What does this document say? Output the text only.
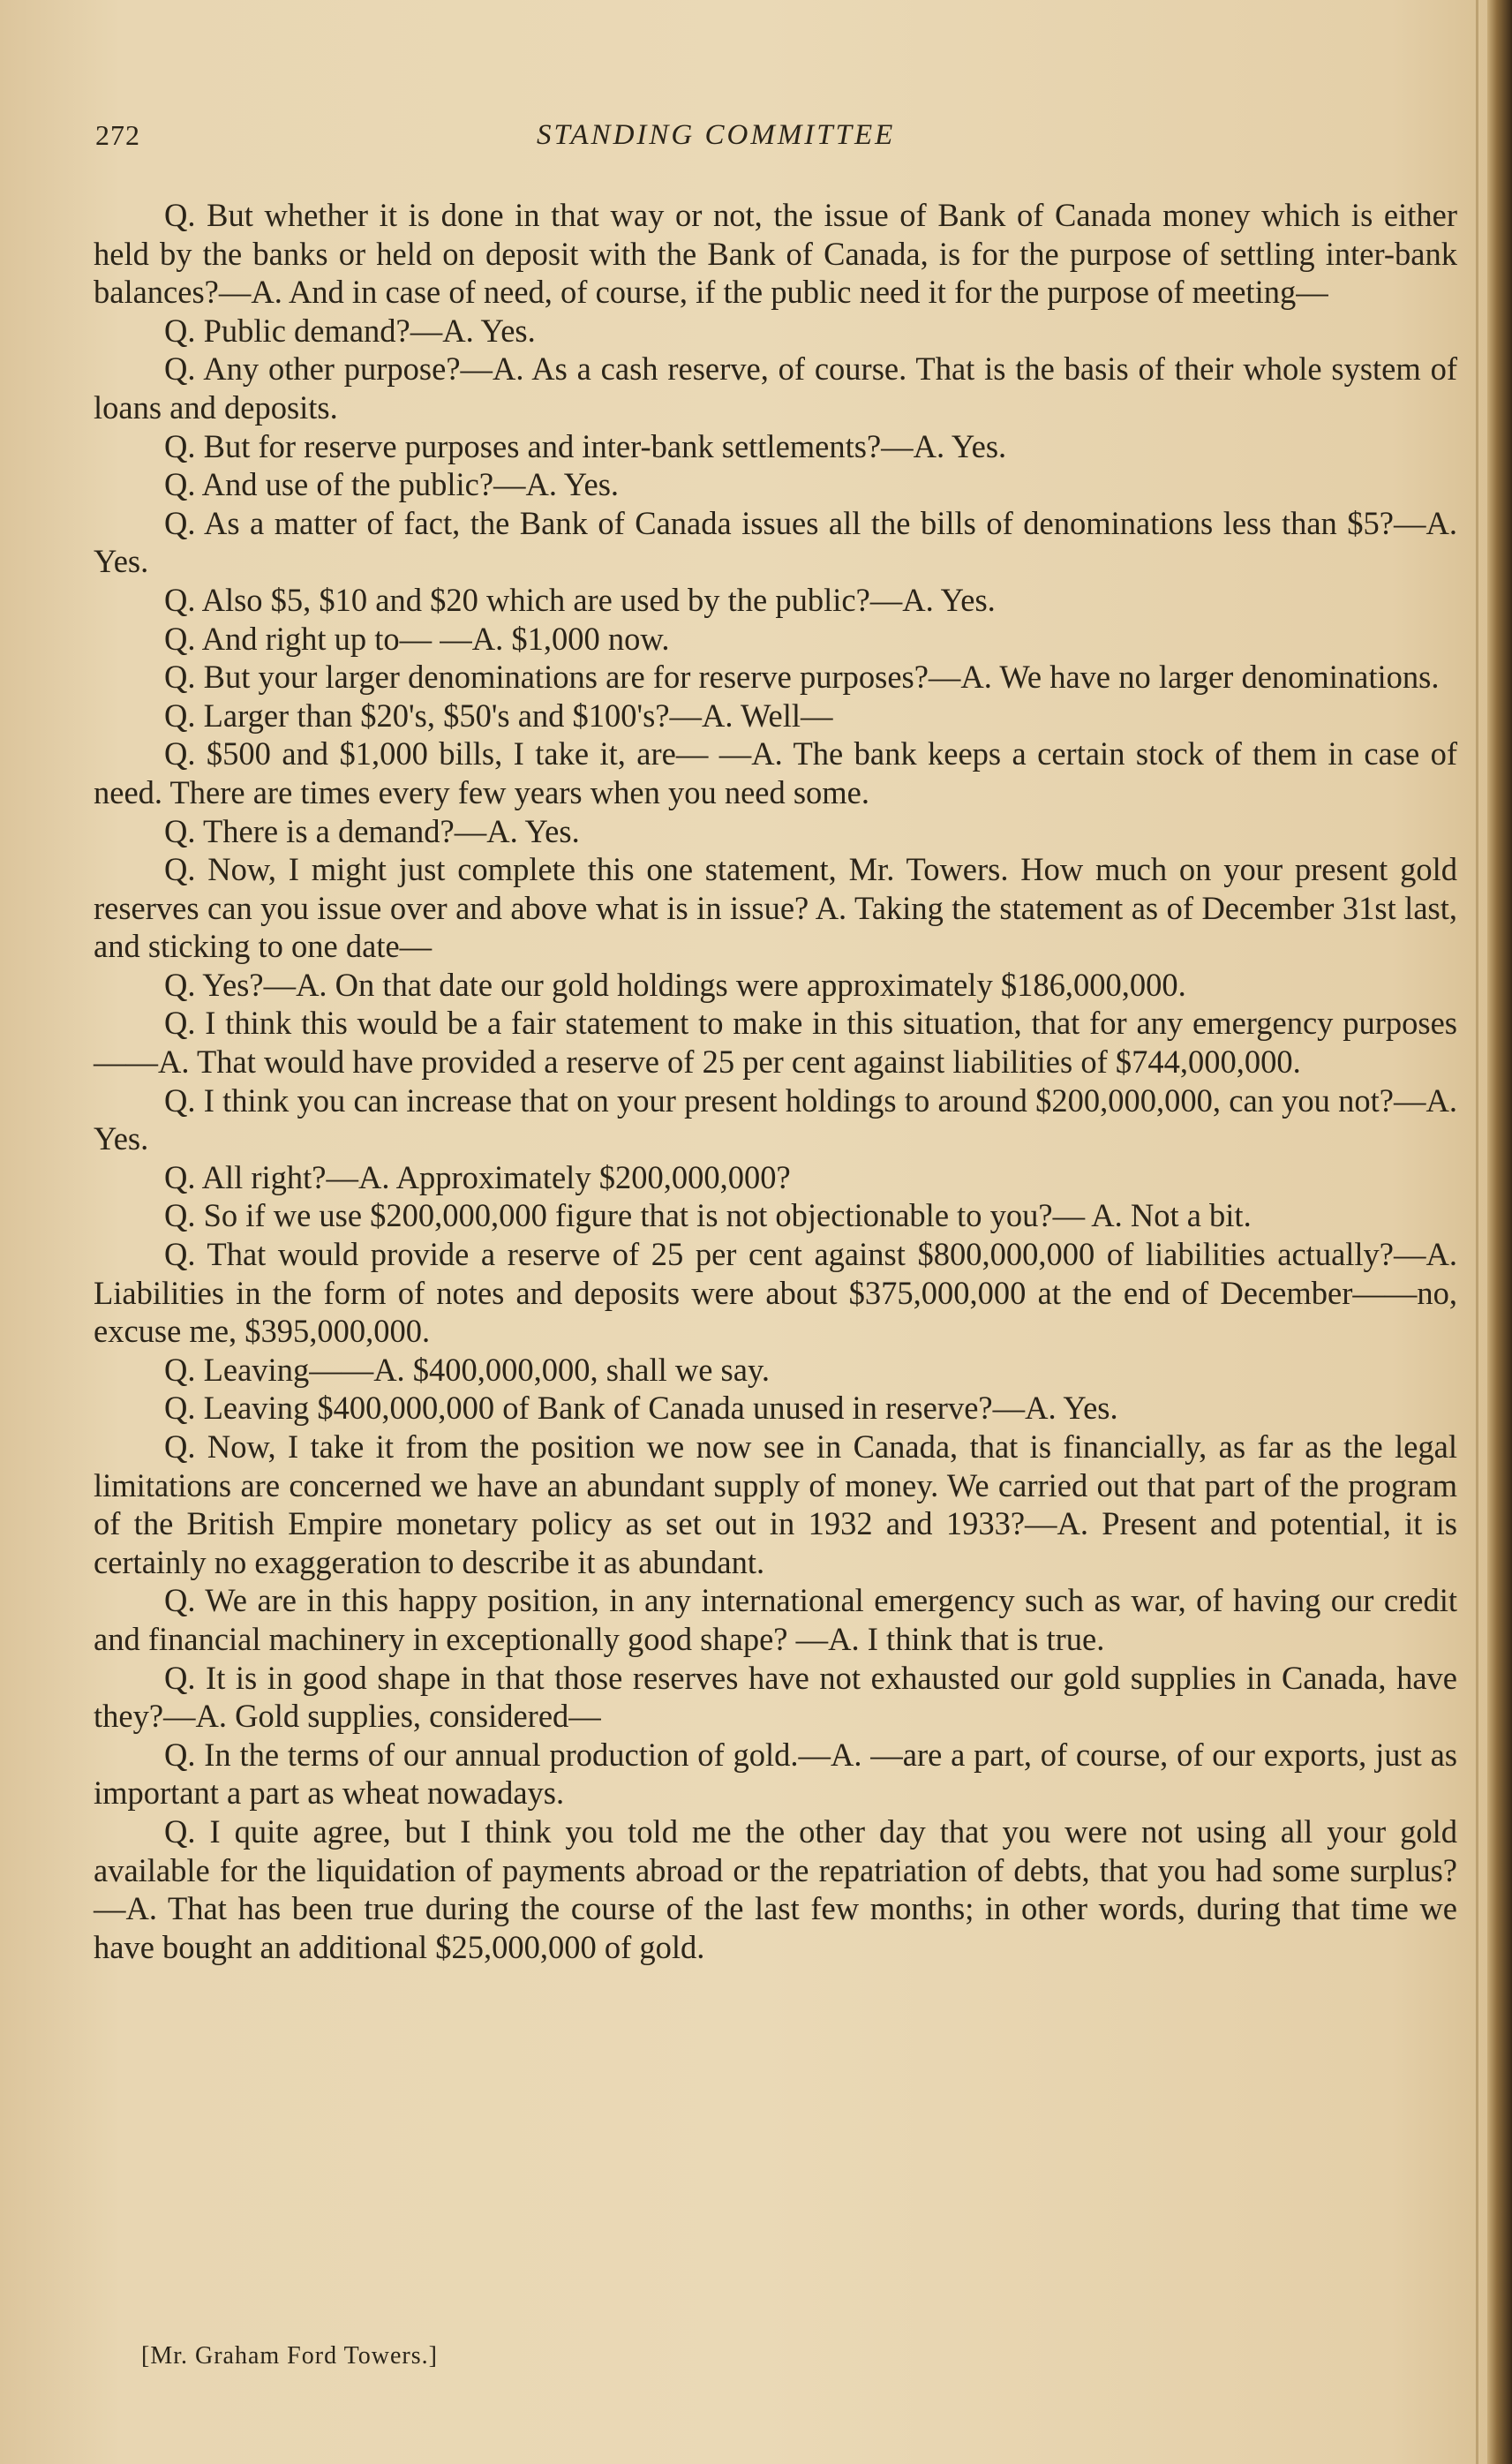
272	STANDING COMMITTEE

Q. But whether it is done in that way or not, the issue of Bank of Canada money which is either held by the banks or held on deposit with the Bank of Canada, is for the purpose of settling inter-bank balances?—A. And in case of need, of course, if the public need it for the purpose of meeting—

Q. Public demand?—A. Yes.

Q. Any other purpose?—A. As a cash reserve, of course. That is the basis of their whole system of loans and deposits.

Q. But for reserve purposes and inter-bank settlements?—A. Yes.

Q. And use of the public?—A. Yes.

Q. As a matter of fact, the Bank of Canada issues all the bills of denominations less than $5?—A. Yes.

Q. Also $5, $10 and $20 which are used by the public?—A. Yes.

Q. And right up to— —A. $1,000 now.

Q. But your larger denominations are for reserve purposes?—A. We have no larger denominations.

Q. Larger than $20's, $50's and $100's?—A. Well—

Q. $500 and $1,000 bills, I take it, are— —A. The bank keeps a certain stock of them in case of need. There are times every few years when you need some.

Q. There is a demand?—A. Yes.

Q. Now, I might just complete this one statement, Mr. Towers. How much on your present gold reserves can you issue over and above what is in issue? A. Taking the statement as of December 31st last, and sticking to one date—

Q. Yes?—A. On that date our gold holdings were approximately $186,000,000.

Q. I think this would be a fair statement to make in this situation, that for any emergency purposes——A. That would have provided a reserve of 25 per cent against liabilities of $744,000,000.

Q. I think you can increase that on your present holdings to around $200,000,000, can you not?—A. Yes.

Q. All right?—A. Approximately $200,000,000?

Q. So if we use $200,000,000 figure that is not objectionable to you?— A. Not a bit.

Q. That would provide a reserve of 25 per cent against $800,000,000 of liabilities actually?—A. Liabilities in the form of notes and deposits were about $375,000,000 at the end of December——no, excuse me, $395,000,000.

Q. Leaving——A. $400,000,000, shall we say.

Q. Leaving $400,000,000 of Bank of Canada unused in reserve?—A. Yes.

Q. Now, I take it from the position we now see in Canada, that is financially, as far as the legal limitations are concerned we have an abundant supply of money. We carried out that part of the program of the British Empire monetary policy as set out in 1932 and 1933?—A. Present and potential, it is certainly no exaggeration to describe it as abundant.

Q. We are in this happy position, in any international emergency such as war, of having our credit and financial machinery in exceptionally good shape? —A. I think that is true.

Q. It is in good shape in that those reserves have not exhausted our gold supplies in Canada, have they?—A. Gold supplies, considered—

Q. In the terms of our annual production of gold.—A. —are a part, of course, of our exports, just as important a part as wheat nowadays.

Q. I quite agree, but I think you told me the other day that you were not using all your gold available for the liquidation of payments abroad or the repatriation of debts, that you had some surplus?—A. That has been true during the course of the last few months; in other words, during that time we have bought an additional $25,000,000 of gold.

[Mr. Graham Ford Towers.]
